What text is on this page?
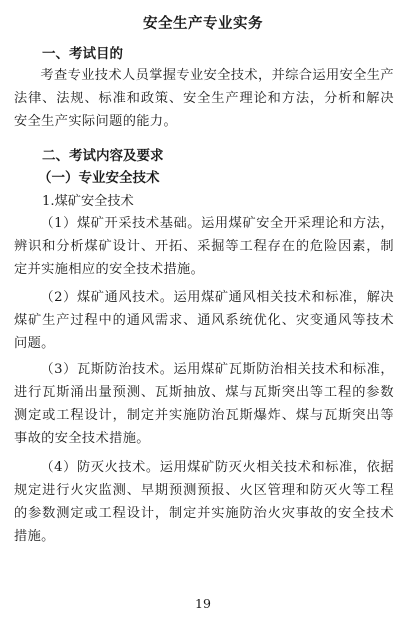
安全生产专业实务
一、考试目的

考查专业技术人员掌握专业安全技术，并综合运用安全生产法律、法规、标准和政策、安全生产理论和方法，分析和解决安全生产实际问题的能力。

二、考试内容及要求
（一）专业安全技术

1.煤矿安全技术

（1）煤矿开采技术基础。运用煤矿安全开采理论和方法，辨识和分析煤矿设计、开拓、采掘等工程存在的危险因素，制定并实施相应的安全技术措施。

（2）煤矿通风技术。运用煤矿通风相关技术和标准，解决煤矿生产过程中的通风需求、通风系统优化、灾变通风等技术问题。

（3）瓦斯防治技术。运用煤矿瓦斯防治相关技术和标准，进行瓦斯涌出量预测、瓦斯抽放、煤与瓦斯突出等工程的参数测定或工程设计，制定并实施防治瓦斯爆炸、煤与瓦斯突出等事故的安全技术措施。

（4）防灭火技术。运用煤矿防灭火相关技术和标准，依据规定进行火灾监测、早期预测预报、火区管理和防灭火等工程的参数测定或工程设计，制定并实施防治火灾事故的安全技术措施。

19
